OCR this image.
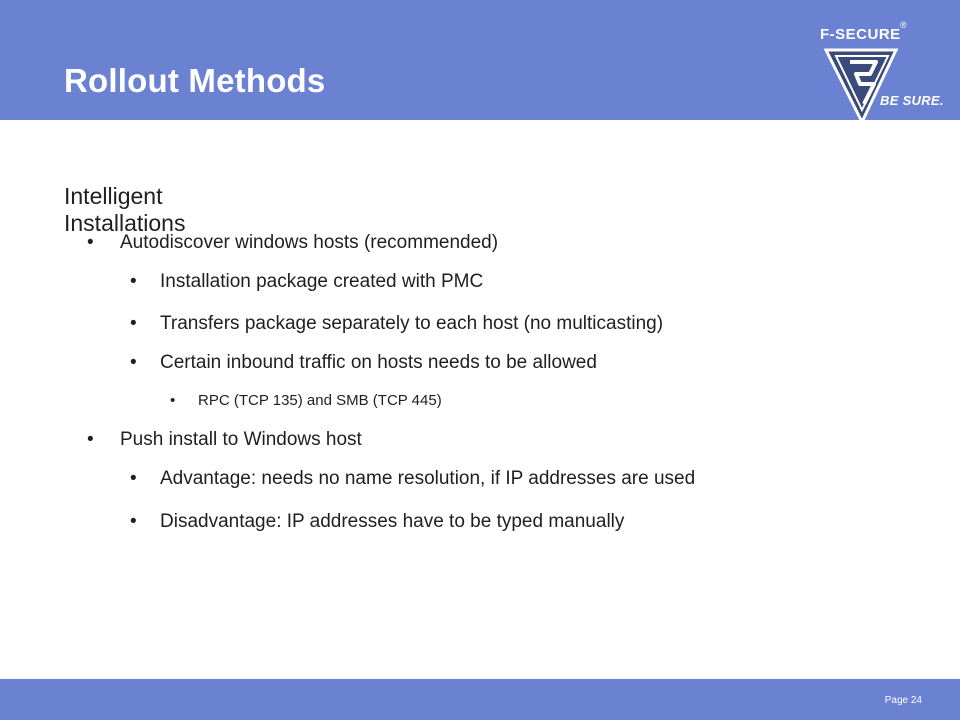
Rollout Methods
F-SECURE
®
BE SURE.
Intelligent Installations
• Autodiscover windows hosts (recommended)
• Installation package created with PMC
• Transfers package separately to each host (no multicasting)
• Certain inbound traffic on hosts needs to be allowed
• RPC (TCP 135) and SMB (TCP 445)
• Push install to Windows host
• Advantage: needs no name resolution, if IP addresses are used
• Disadvantage: IP addresses have to be typed manually
Page 24
